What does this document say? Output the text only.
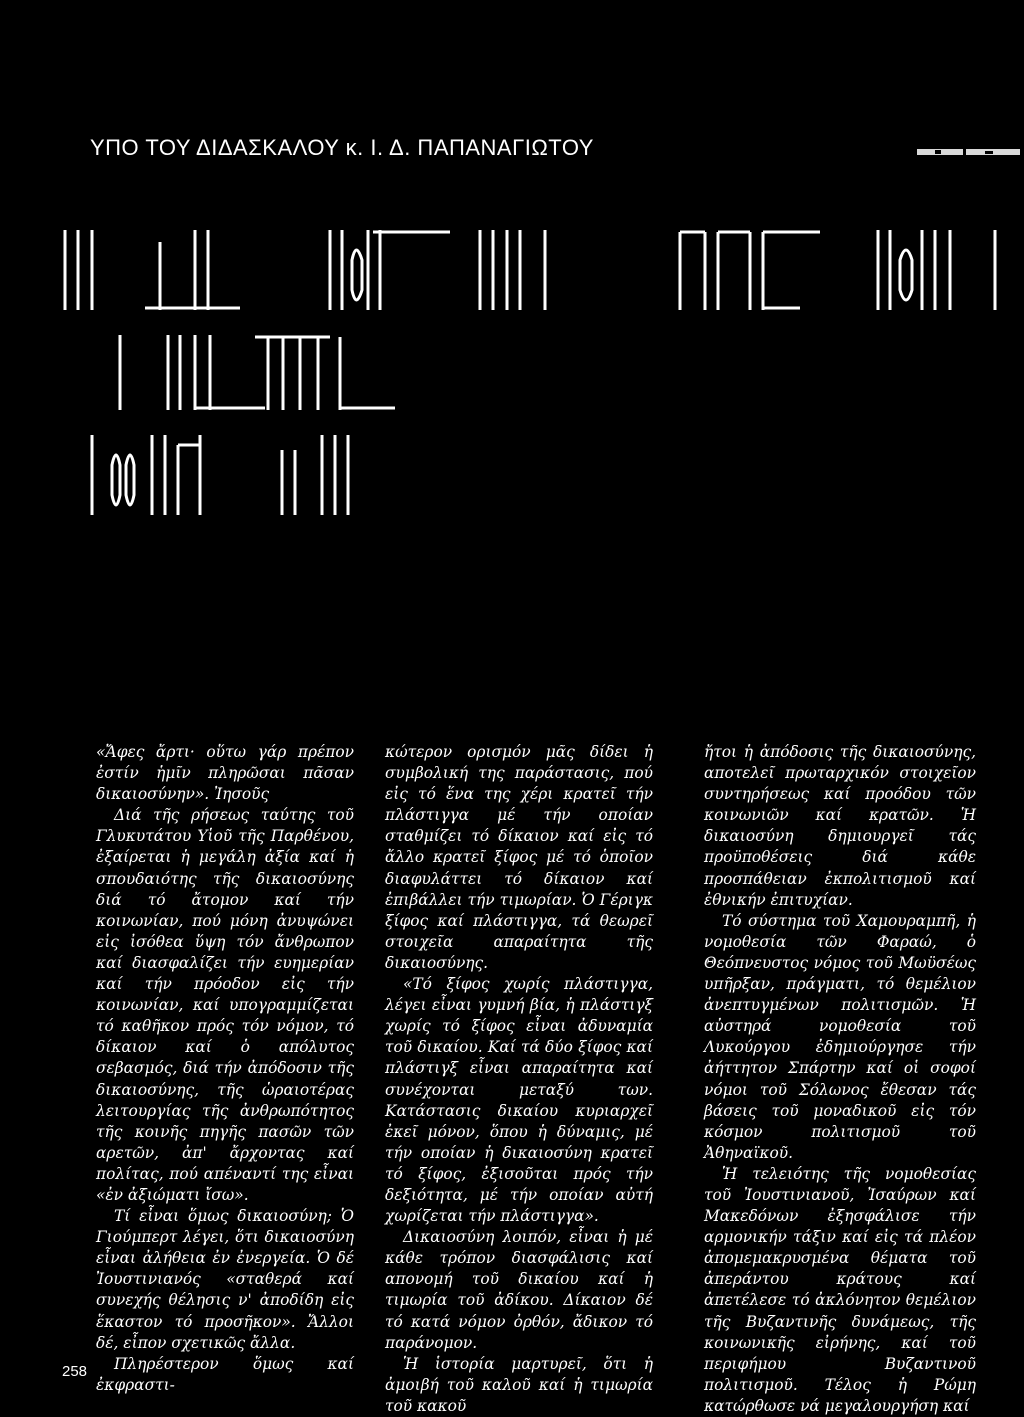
ΥΠΟ ΤΟΥ ΔΙΔΑΣΚΑΛΟΥ κ. Ι. Δ. ΠΑΠΑΝΑΓΙΩΤΟΥ

«Ἄφες ἄρτι· οὕτω γάρ πρέπον ἐστίν ἡμῖν πληρῶσαι πᾶσαν δικαιοσύνην». Ἰησοῦς

Διά τῆς ρήσεως ταύτης τοῦ Γλυκυτάτου Υἱοῦ τῆς Παρθένου, ἐξαίρεται ἡ μεγάλη ἀξία καί ἡ σπουδαιότης τῆς δικαιοσύνης διά τό ἄτομον καί τήν κοινωνίαν, πού μόνη ἀνυψώνει εἰς ἰσόθεα ὕψη τόν ἄνθρωπον καί διασφαλίζει τήν ευημερίαν καί τήν πρόοδον εἰς τήν κοινωνίαν, καί υπογραμμίζεται τό καθῆκον πρός τόν νόμον, τό δίκαιον καί ὁ απόλυτος σεβασμός, διά τήν ἀπόδοσιν τῆς δικαιοσύνης, τῆς ὡραιοτέρας λειτουργίας τῆς ἀνθρωπότητος τῆς κοινῆς πηγῆς πασῶν τῶν αρετῶν, ἀπ' ἄρχοντας καί πολίτας, πού απέναντί της εἶναι «ἐν ἀξιώματι ἴσω».

Τί εἶναι ὅμως δικαιοσύνη; Ὁ Γιούμπερτ λέγει, ὅτι δικαιοσύνη εἶναι ἀλήθεια ἐν ἐνεργεία. Ὁ δέ Ἰουστινιανός «σταθερά καί συνεχής θέλησις ν' ἀποδίδη εἰς ἕκαστον τό προσῆκον». Ἄλλοι δέ, εἶπον σχετικῶς ἄλλα.

Πληρέστερον ὅμως καί ἐκφραστι-

κώτερον ορισμόν μᾶς δίδει ἡ συμβολική της παράστασις, πού εἰς τό ἕνα της χέρι κρατεῖ τήν πλάστιγγα μέ τήν οποίαν σταθμίζει τό δίκαιον καί εἰς τό ἄλλο κρατεῖ ξίφος μέ τό ὁποῖον διαφυλάττει τό δίκαιον καί ἐπιβάλλει τήν τιμωρίαν. Ὁ Γέριγκ ξίφος καί πλάστιγγα, τά θεωρεῖ στοιχεῖα απαραίτητα τῆς δικαιοσύνης.

«Τό ξίφος χωρίς πλάστιγγα, λέγει εἶναι γυμνή βία, ἡ πλάστιγξ χωρίς τό ξίφος εἶναι ἀδυναμία τοῦ δικαίου. Καί τά δύο ξίφος καί πλάστιγξ εἶναι απαραίτητα καί συνέχονται μεταξύ των. Κατάστασις δικαίου κυριαρχεῖ ἐκεῖ μόνον, ὅπου ἡ δύναμις, μέ τήν οποίαν ἡ δικαιοσύνη κρατεῖ τό ξίφος, ἐξισοῦται πρός τήν δεξιότητα, μέ τήν οποίαν αὐτή χωρίζεται τήν πλάστιγγα».

Δικαιοσύνη λοιπόν, εἶναι ἡ μέ κάθε τρόπον διασφάλισις καί απονομή τοῦ δικαίου καί ἡ τιμωρία τοῦ ἀδίκου. Δίκαιον δέ τό κατά νόμον ὀρθόν, ἄδικον τό παράνομον.

Ἡ ἱστορία μαρτυρεῖ, ὅτι ἡ ἀμοιβή τοῦ καλοῦ καί ἡ τιμωρία τοῦ κακοῦ

ἤτοι ἡ ἀπόδοσις τῆς δικαιοσύνης, αποτελεῖ πρωταρχικόν στοιχεῖον συντηρήσεως καί προόδου τῶν κοινωνιῶν καί κρατῶν. Ἡ δικαιοσύνη δημιουργεῖ τάς προϋποθέσεις διά κάθε προσπάθειαν ἐκπολιτισμοῦ καί ἐθνικήν ἐπιτυχίαν.

Τό σύστημα τοῦ Χαμουραμπῆ, ἡ νομοθεσία τῶν Φαραώ, ὁ Θεόπνευστος νόμος τοῦ Μωϋσέως υπῆρξαν, πράγματι, τό θεμέλιον ἀνεπτυγμένων πολιτισμῶν. Ἡ αὐστηρά νομοθεσία τοῦ Λυκούργου ἐδημιούργησε τήν ἀήττητον Σπάρτην καί οἱ σοφοί νόμοι τοῦ Σόλωνος ἔθεσαν τάς βάσεις τοῦ μοναδικοῦ εἰς τόν κόσμον πολιτισμοῦ τοῦ Ἀθηναϊκοῦ.

Ἡ τελειότης τῆς νομοθεσίας τοῦ Ἰουστινιανοῦ, Ἰσαύρων καί Μακεδόνων ἐξησφάλισε τήν αρμονικήν τάξιν καί εἰς τά πλέον ἀπομεμακρυσμένα θέματα τοῦ ἀπεράντου κράτους καί ἀπετέλεσε τό ἀκλόνητον θεμέλιον τῆς Βυζαντινῆς δυνάμεως, τῆς κοινωνικῆς εἰρήνης, καί τοῦ περιφήμου Βυζαντινοῦ πολιτισμοῦ. Τέλος ἡ Ρώμη κατώρθωσε νά μεγαλουργήση καί

258
